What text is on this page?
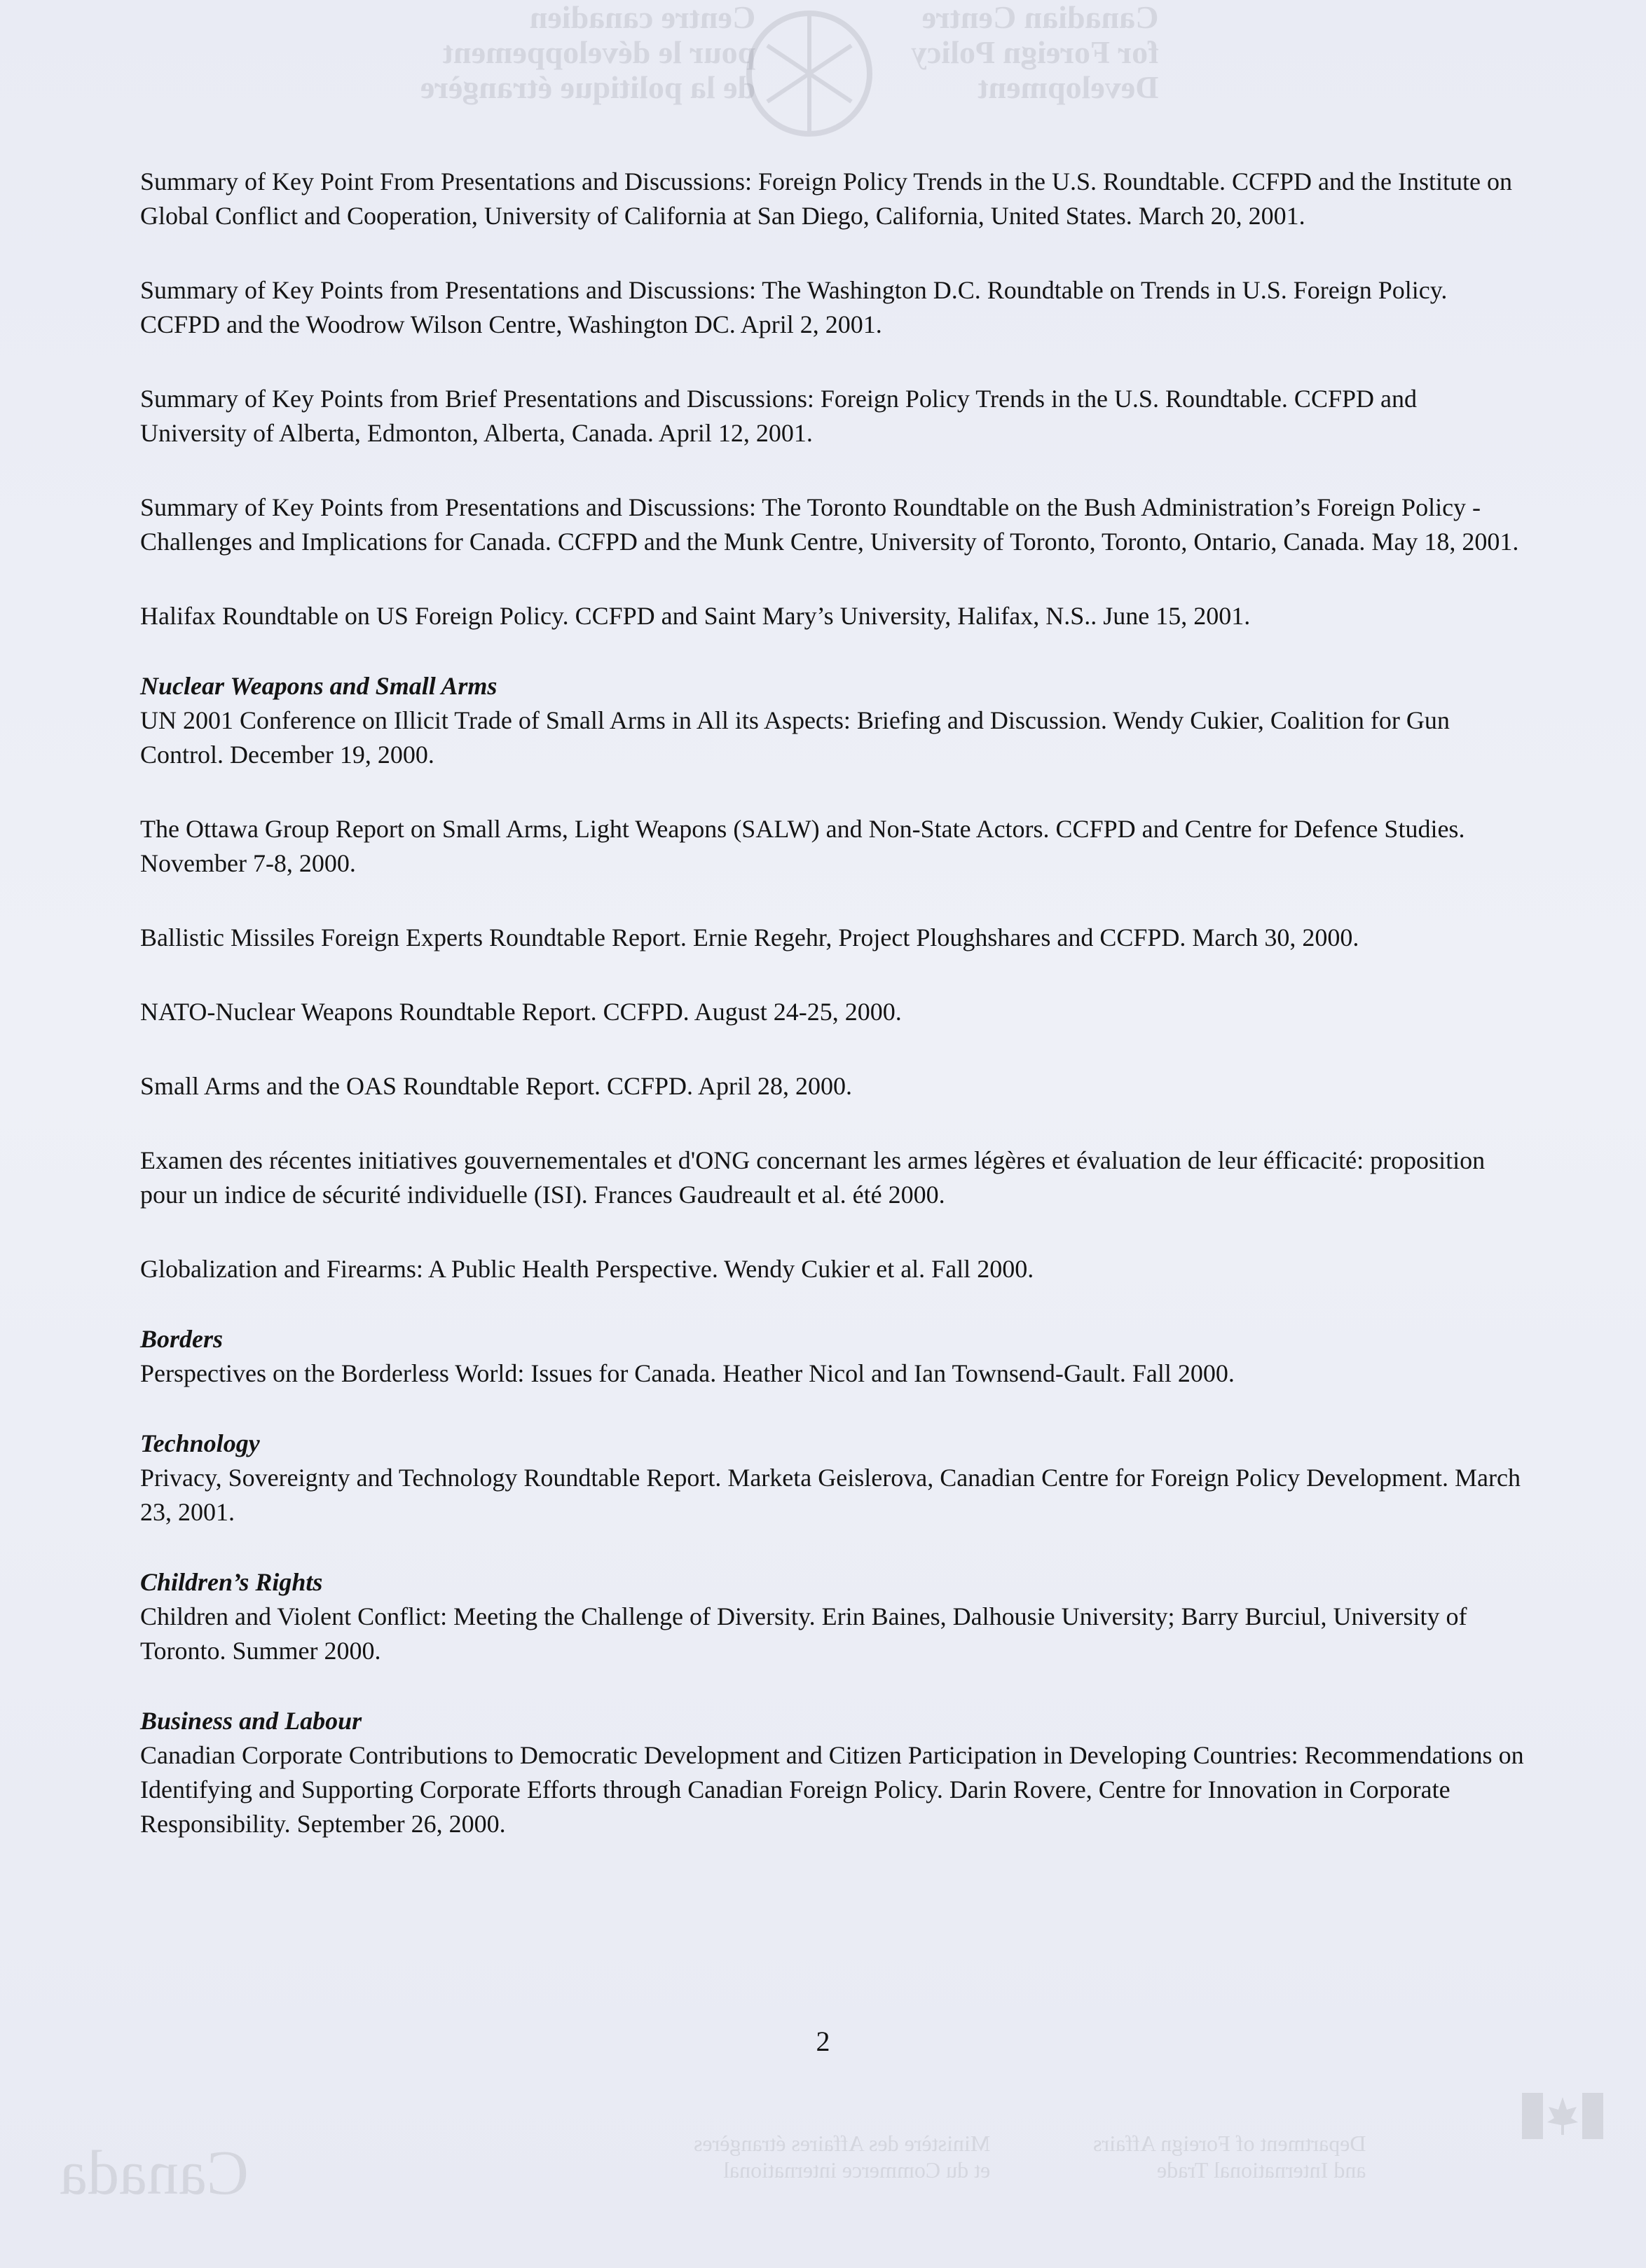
Centre canadien
pour le développement
de la politique étrangère
Canadian Centre
for Foreign Policy
Development
Ministère des Affaires étrangères
et du Commerce international
Department of Foreign Affairs
and International Trade
Canada

Summary of Key Point From Presentations and Discussions: Foreign Policy Trends in the U.S. Roundtable. CCFPD and the Institute on Global Conflict and Cooperation, University of California at San Diego, California, United States. March 20, 2001.

Summary of Key Points from Presentations and Discussions: The Washington D.C. Roundtable on Trends in U.S. Foreign Policy. CCFPD and the Woodrow Wilson Centre, Washington DC. April 2, 2001.

Summary of Key Points from Brief Presentations and Discussions: Foreign Policy Trends in the U.S. Roundtable. CCFPD and University of Alberta, Edmonton, Alberta, Canada. April 12, 2001.

Summary of Key Points from Presentations and Discussions: The Toronto Roundtable on the Bush Administration’s Foreign Policy - Challenges and Implications for Canada. CCFPD and the Munk Centre, University of Toronto, Toronto, Ontario, Canada. May 18, 2001.

Halifax Roundtable on US Foreign Policy. CCFPD and Saint Mary’s University, Halifax, N.S.. June 15, 2001.

Nuclear Weapons and Small Arms

UN 2001 Conference on Illicit Trade of Small Arms in All its Aspects: Briefing and Discussion. Wendy Cukier, Coalition for Gun Control. December 19, 2000.

The Ottawa Group Report on Small Arms, Light Weapons (SALW) and Non-State Actors. CCFPD and Centre for Defence Studies. November 7-8, 2000.

Ballistic Missiles Foreign Experts Roundtable Report. Ernie Regehr, Project Ploughshares and CCFPD. March 30, 2000.

NATO-Nuclear Weapons Roundtable Report. CCFPD. August 24-25, 2000.

Small Arms and the OAS Roundtable Report. CCFPD. April 28, 2000.

Examen des récentes initiatives gouvernementales et d'ONG concernant les armes légères et évaluation de leur éfficacité: proposition pour un indice de sécurité individuelle (ISI). Frances Gaudreault et al. été 2000.

Globalization and Firearms: A Public Health Perspective. Wendy Cukier et al. Fall 2000.

Borders

Perspectives on the Borderless World: Issues for Canada. Heather Nicol and Ian Townsend-Gault. Fall 2000.

Technology

Privacy, Sovereignty and Technology Roundtable Report. Marketa Geislerova, Canadian Centre for Foreign Policy Development. March 23, 2001.

Children’s Rights

Children and Violent Conflict: Meeting the Challenge of Diversity. Erin Baines, Dalhousie University; Barry Burciul, University of Toronto. Summer 2000.

Business and Labour

Canadian Corporate Contributions to Democratic Development and Citizen Participation in Developing Countries: Recommendations on Identifying and Supporting Corporate Efforts through Canadian Foreign Policy. Darin Rovere, Centre for Innovation in Corporate Responsibility. September 26, 2000.

2
